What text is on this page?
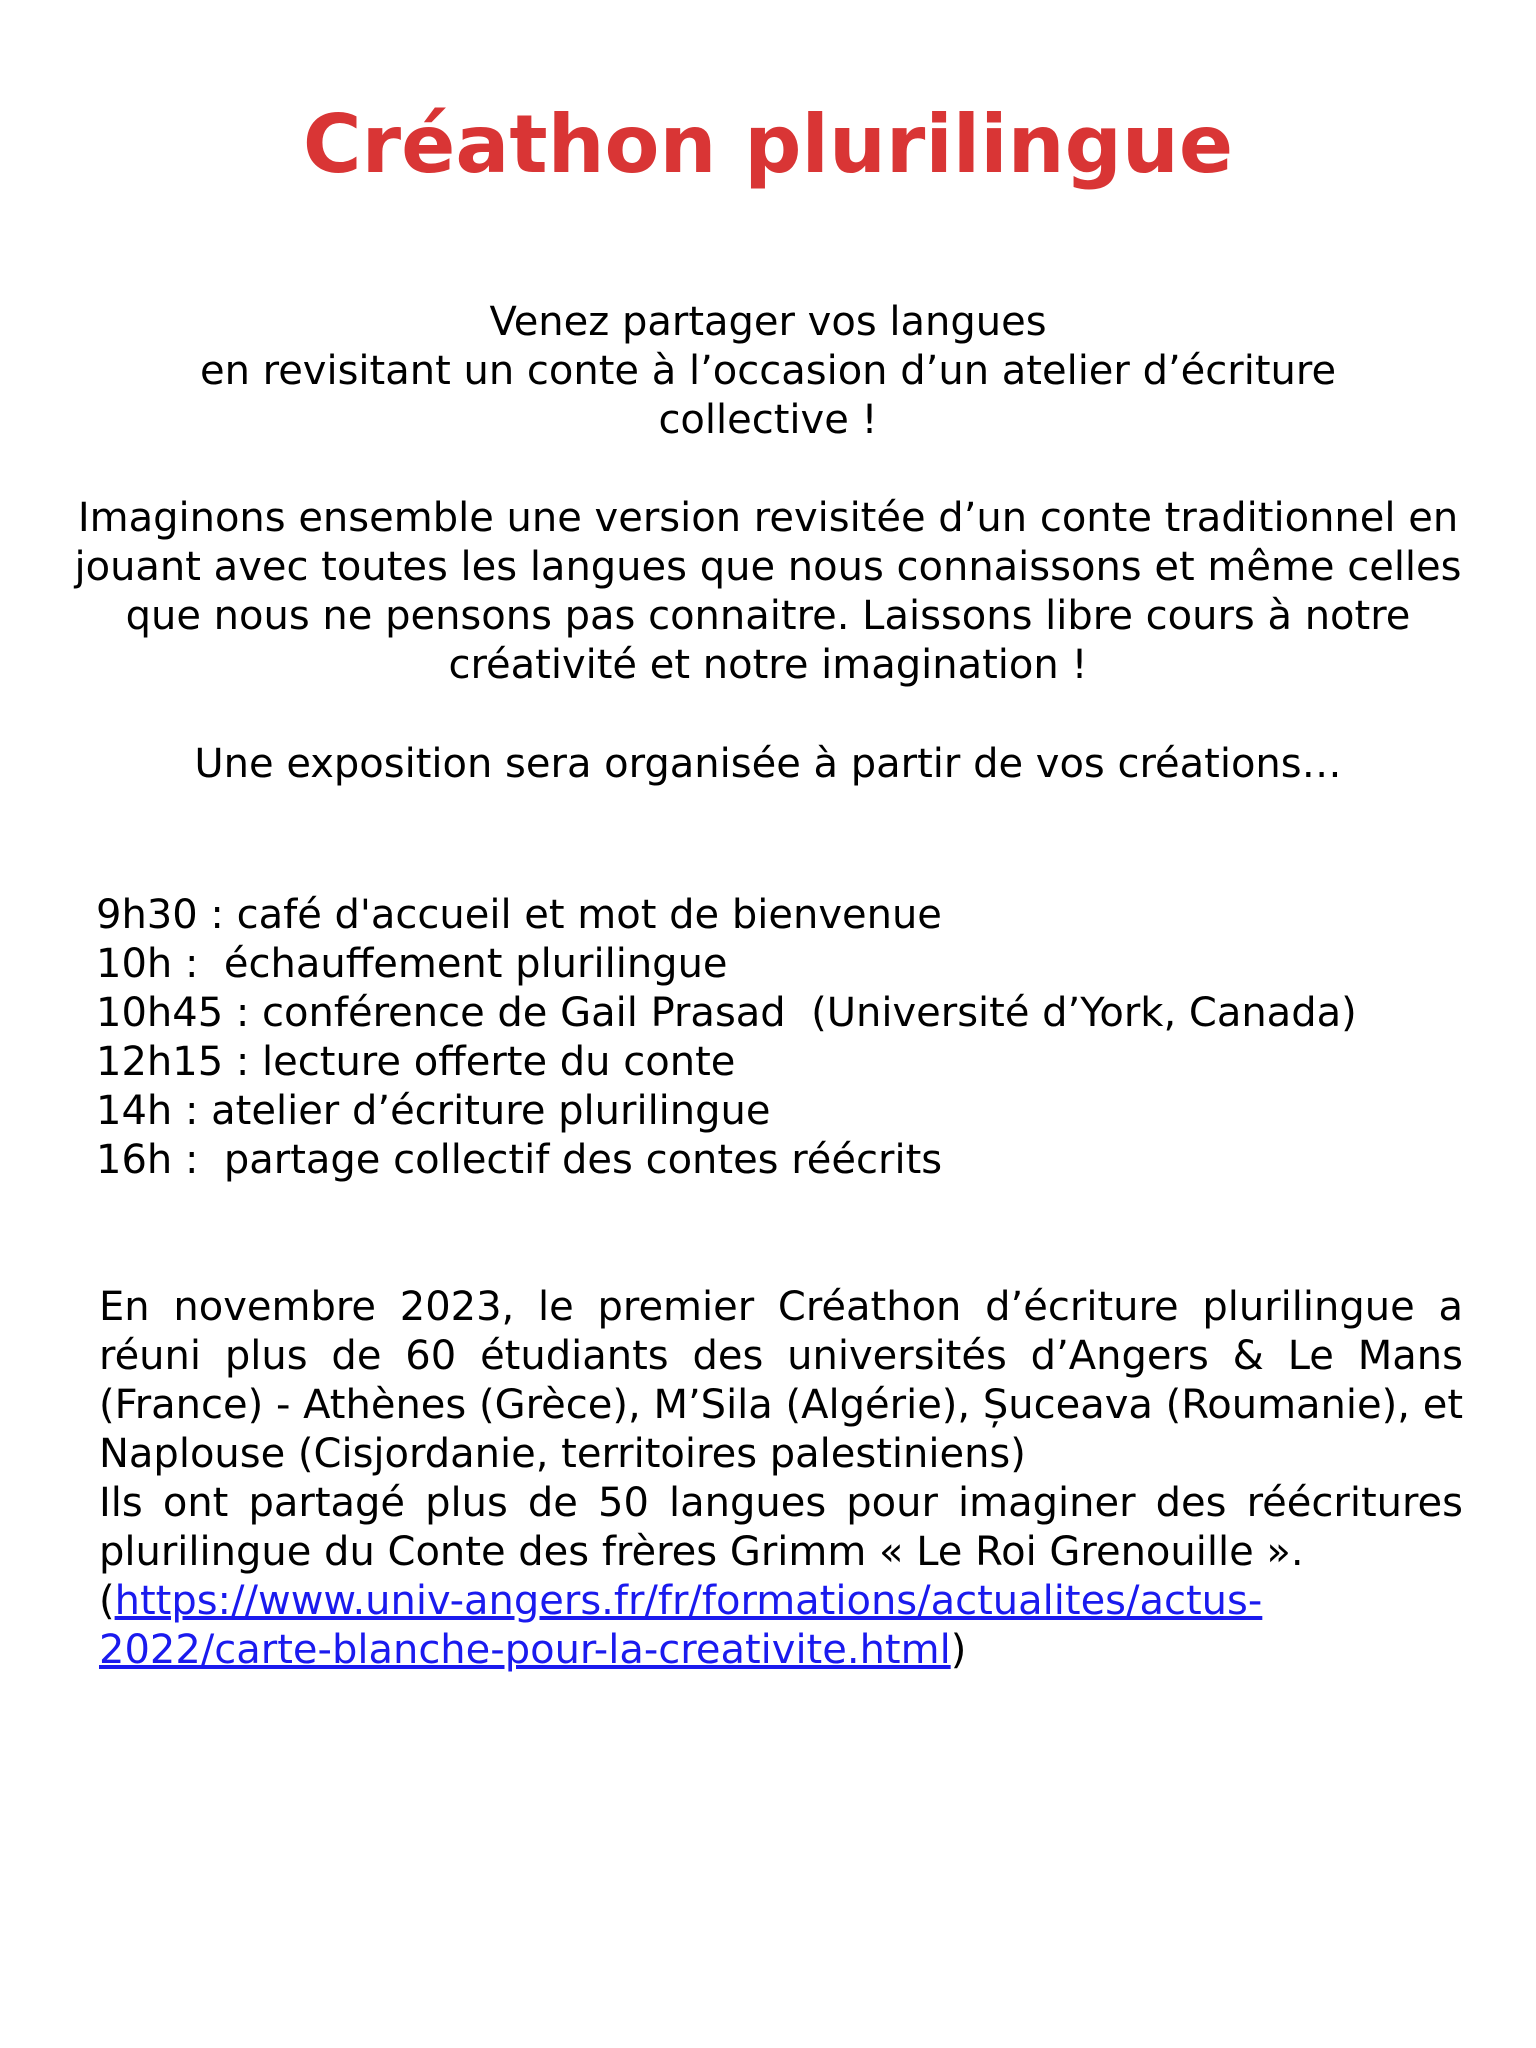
Créathon plurilingue

Venez partager vos langues

en revisitant un conte à l’occasion d’un atelier d’écriture collective !

Imaginons ensemble une version revisitée d’un conte traditionnel en jouant avec toutes les langues que nous connaissons et même celles que nous ne pensons pas connaitre. Laissons libre cours à notre créativité et notre imagination !

Une exposition sera organisée à partir de vos créations…

9h30 : café d'accueil et mot de bienvenue
10h :  échauffement plurilingue
10h45 : conférence de Gail Prasad  (Université d’York, Canada)
12h15 : lecture offerte du conte
14h : atelier d’écriture plurilingue
16h :  partage collectif des contes réécrits

En novembre 2023, le premier Créathon d’écriture plurilingue a réuni plus de 60 étudiants des universités d’Angers & Le Mans (France) - Athènes (Grèce), M’Sila (Algérie), Șuceava (Roumanie), et Naplouse (Cisjordanie, territoires palestiniens)

Ils ont partagé plus de 50 langues pour imaginer des réécritures plurilingue du Conte des frères Grimm « Le Roi Grenouille ».

(https://www.univ-angers.fr/fr/formations/actualites/actus-
2022/carte-blanche-pour-la-creativite.html)
